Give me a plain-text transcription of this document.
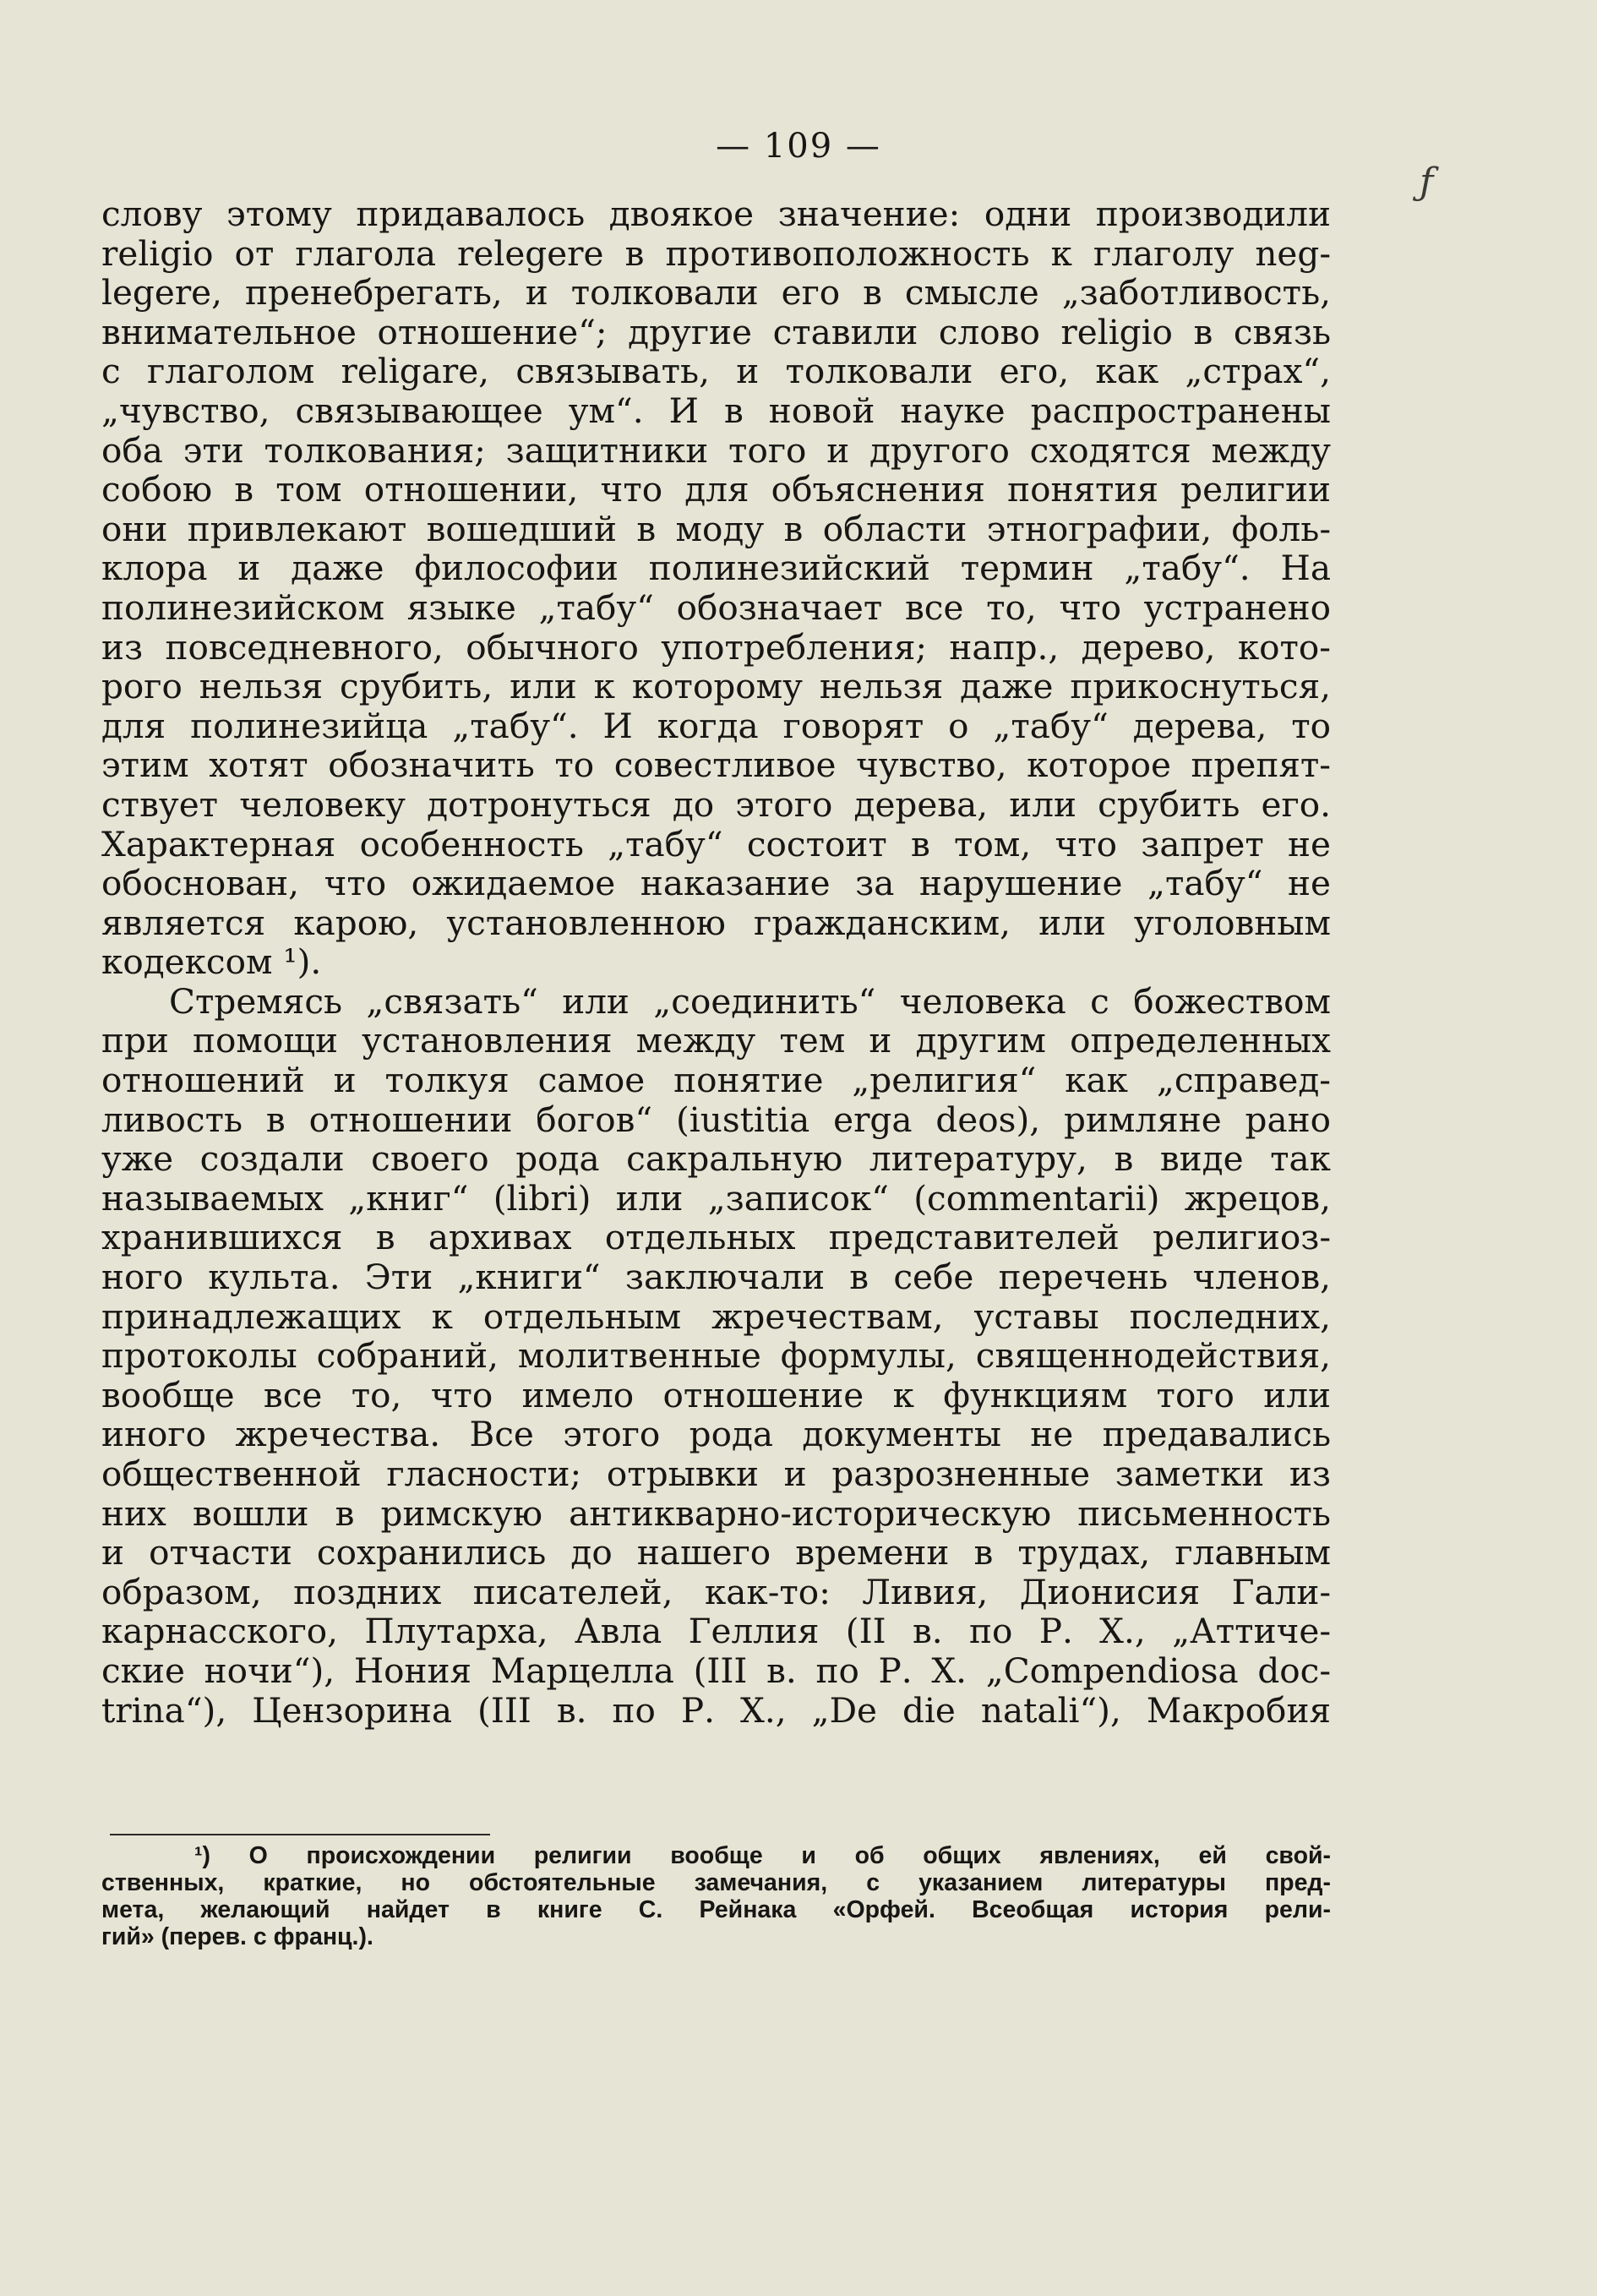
— 109 —
ƒ
слову этому придавалось двоякое значение: одни производили
religio от глагола relegere в противоположность к глаголу neg-
legere, пренебрегать, и толковали его в смысле „заботливость,
внимательное отношение“; другие ставили слово religio в связь
с глаголом religare, связывать, и толковали его, как „страх“,
„чувство, связывающее ум“. И в новой науке распространены
оба эти толкования; защитники того и другого сходятся между
собою в том отношении, что для объяснения понятия религии
они привлекают вошедший в моду в области этнографии, фоль-
клора и даже философии полинезийский термин „табу“. На
полинезийском языке „табу“ обозначает все то, что устранено
из повседневного, обычного употребления; напр., дерево, кото-
рого нельзя срубить, или к которому нельзя даже прикоснуться,
для полинезийца „табу“. И когда говорят о „табу“ дерева, то
этим хотят обозначить то совестливое чувство, которое препят-
ствует человеку дотронуться до этого дерева, или срубить его.
Характерная особенность „табу“ состоит в том, что запрет не
обоснован, что ожидаемое наказание за нарушение „табу“ не
является карою, установленною гражданским, или уголовным
кодексом ¹).
Стремясь „связать“ или „соединить“ человека с божеством
при помощи установления между тем и другим определенных
отношений и толкуя самое понятие „религия“ как „справед-
ливость в отношении богов“ (iustitia erga deos), римляне рано
уже создали своего рода сакральную литературу, в виде так
называемых „книг“ (libri) или „записок“ (commentarii) жрецов,
хранившихся в архивах отдельных представителей религиоз-
ного культа. Эти „книги“ заключали в себе перечень членов,
принадлежащих к отдельным жречествам, уставы последних,
протоколы собраний, молитвенные формулы, священнодействия,
вообще все то, что имело отношение к функциям того или
иного жречества. Все этого рода документы не предавались
общественной гласности; отрывки и разрозненные заметки из
них вошли в римскую антикварно-историческую письменность
и отчасти сохранились до нашего времени в трудах, главным
образом, поздних писателей, как-то: Ливия, Дионисия Гали-
карнасского, Плутарха, Авла Геллия (II в. по Р. Х., „Аттиче-
ские ночи“), Нония Марцелла (III в. по Р. Х. „Compendiosa doc-
trina“), Цензорина (III в. по Р. Х., „De die natali“), Макробия
¹) О происхождении религии вообще и об общих явлениях, ей свой-
ственных, краткие, но обстоятельные замечания, с указанием литературы пред-
мета, желающий найдет в книге С. Рейнака «Орфей. Всеобщая история рели-
гий» (перев. с франц.).
